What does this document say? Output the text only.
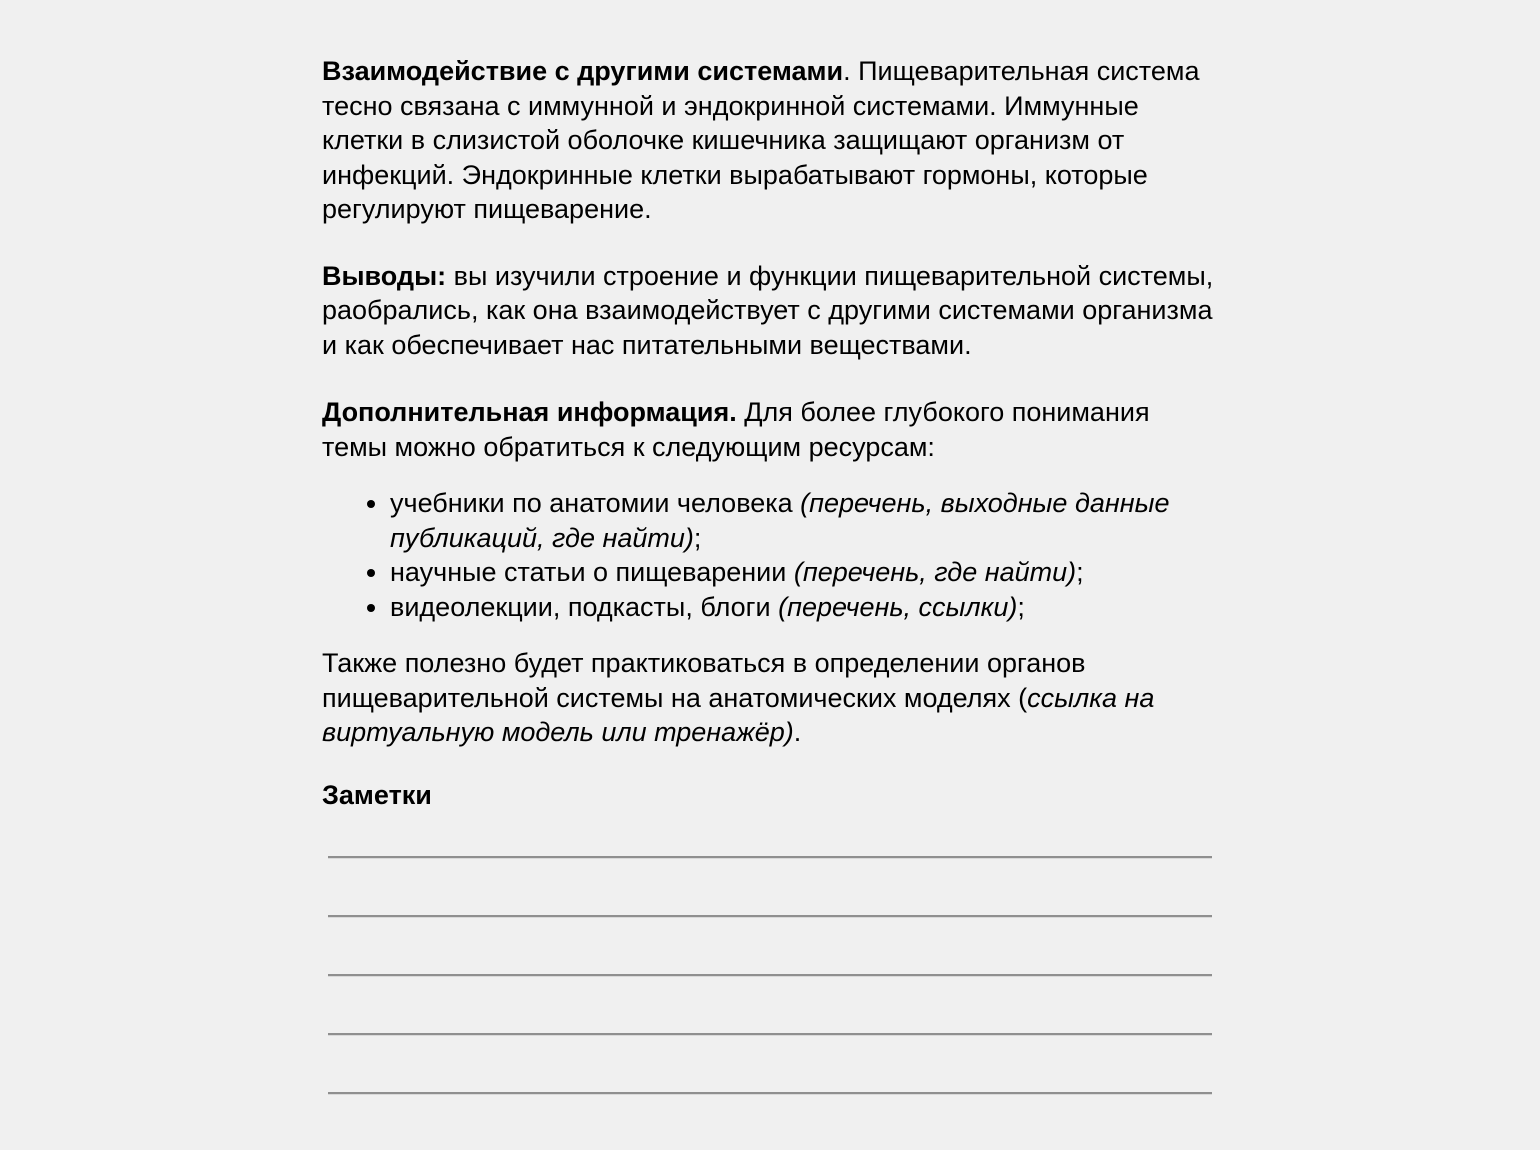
Взаимодействие с другими системами. Пищеварительная система тесно связана с иммунной и эндокринной системами. Иммунные клетки в слизистой оболочке кишечника защищают организм от инфекций. Эндокринные клетки вырабатывают гормоны, которые регулируют пищеварение.

Выводы: вы изучили строение и функции пищеварительной системы, раобрались, как она взаимодействует с другими системами организма и как обеспечивает нас питательными веществами.

Дополнительная информация. Для более глубокого понимания темы можно обратиться к следующим ресурсам:

• учебники по анатомии человека (перечень, выходные данные публикаций, где найти);
• научные статьи о пищеварении (перечень, где найти);
• видеолекции, подкасты, блоги (перечень, ссылки);

Также полезно будет практиковаться в определении органов пищеварительной системы на анатомических моделях (ссылка на виртуальную модель или тренажёр).

Заметки
